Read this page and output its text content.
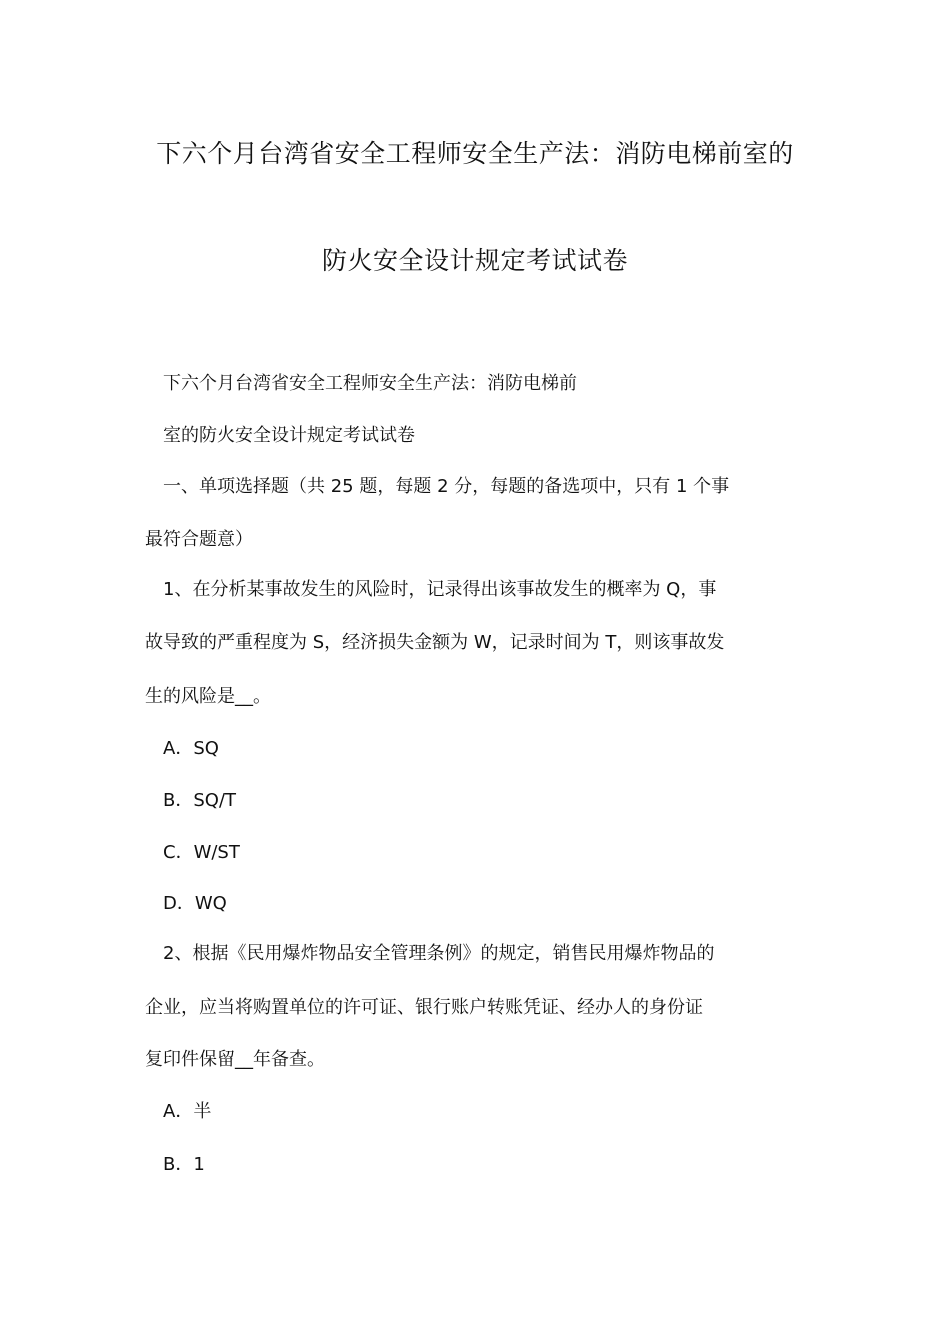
下六个月台湾省安全工程师安全生产法：消防电梯前室的
防火安全设计规定考试试卷
下六个月台湾省安全工程师安全生产法：消防电梯前
室的防火安全设计规定考试试卷
一、单项选择题（共 25 题，每题 2 分，每题的备选项中，只有 1 个事
最符合题意）
1、在分析某事故发生的风险时，记录得出该事故发生的概率为 Q，事
故导致的严重程度为 S，经济损失金额为 W，记录时间为 T，则该事故发
生的风险是__。
A．SQ
B．SQ/T
C．W/ST
D．WQ
2、根据《民用爆炸物品安全管理条例》的规定，销售民用爆炸物品的
企业，应当将购置单位的许可证、银行账户转账凭证、经办人的身份证
复印件保留__年备查。
A．半
B．1
